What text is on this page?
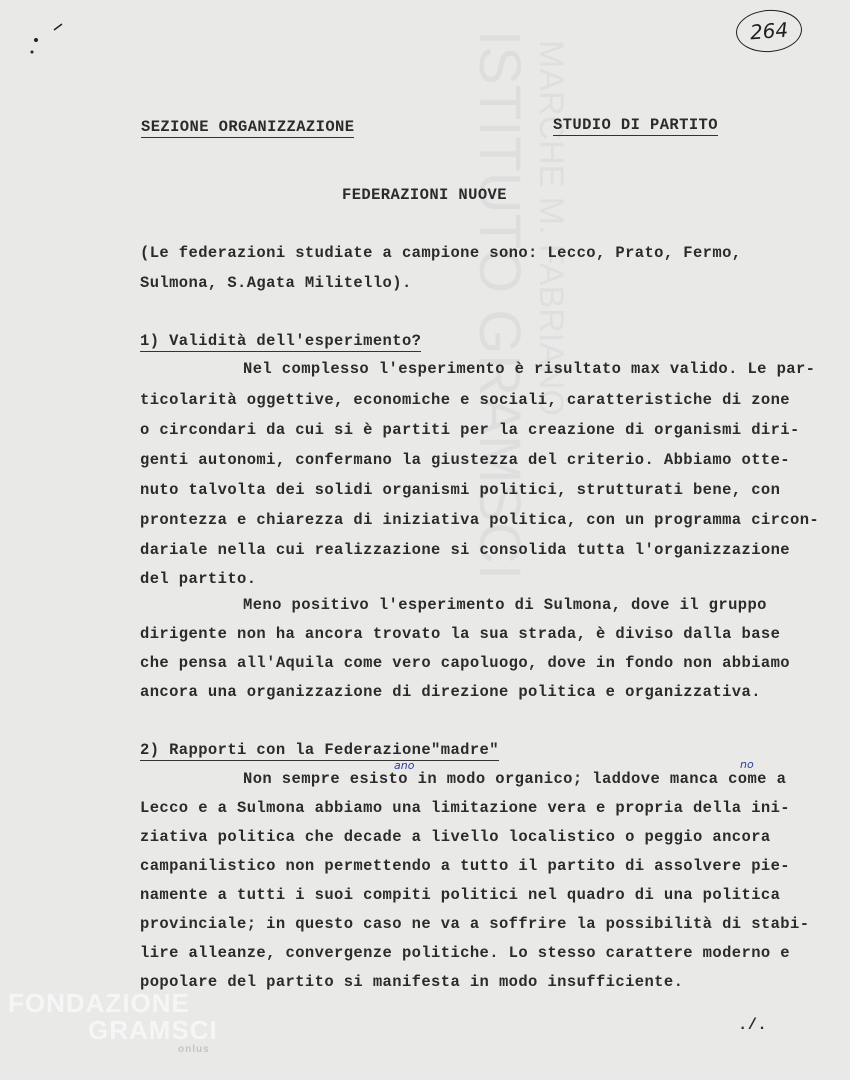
ISTITUTO GRAMSCI MARCHE M. FABRIANO
264
SEZIONE ORGANIZZAZIONE	STUDIO DI PARTITO
FEDERAZIONI NUOVE
(Le federazioni studiate a campione sono: Lecco, Prato, Fermo,
Sulmona, S.Agata Militello).
1) Validità dell'esperimento?
Nel complesso l'esperimento è risultato max valido. Le par-
ticolarità oggettive, economiche e sociali, caratteristiche di zone
o circondari da cui si è partiti per la creazione di organismi diri-
genti autonomi, confermano la giustezza del criterio. Abbiamo otte-
nuto talvolta dei solidi organismi politici, strutturati bene, con
prontezza e chiarezza di iniziativa politica, con un programma circon-
dariale nella cui realizzazione si consolida tutta l'organizzazione
del partito.
Meno positivo l'esperimento di Sulmona, dove il gruppo
dirigente non ha ancora trovato la sua strada, è diviso dalla base
che pensa all'Aquila come vero capoluogo, dove in fondo non abbiamo
ancora una organizzazione di direzione politica e organizzativa.
2) Rapporti con la Federazione"madre"
Non sempre esisto in modo organico; laddove manca come a
ano	no
Lecco e a Sulmona abbiamo una limitazione vera e propria della ini-
ziativa politica che decade a livello localistico o peggio ancora
campanilistico non permettendo a tutto il partito di assolvere pie-
namente a tutti i suoi compiti politici nel quadro di una politica
provinciale; in questo caso ne va a soffrire la possibilità di stabi-
lire alleanze, convergenze politiche. Lo stesso carattere moderno e
popolare del partito si manifesta in modo insufficiente.
./.
FONDAZIONE
GRAMSCI
onlus
